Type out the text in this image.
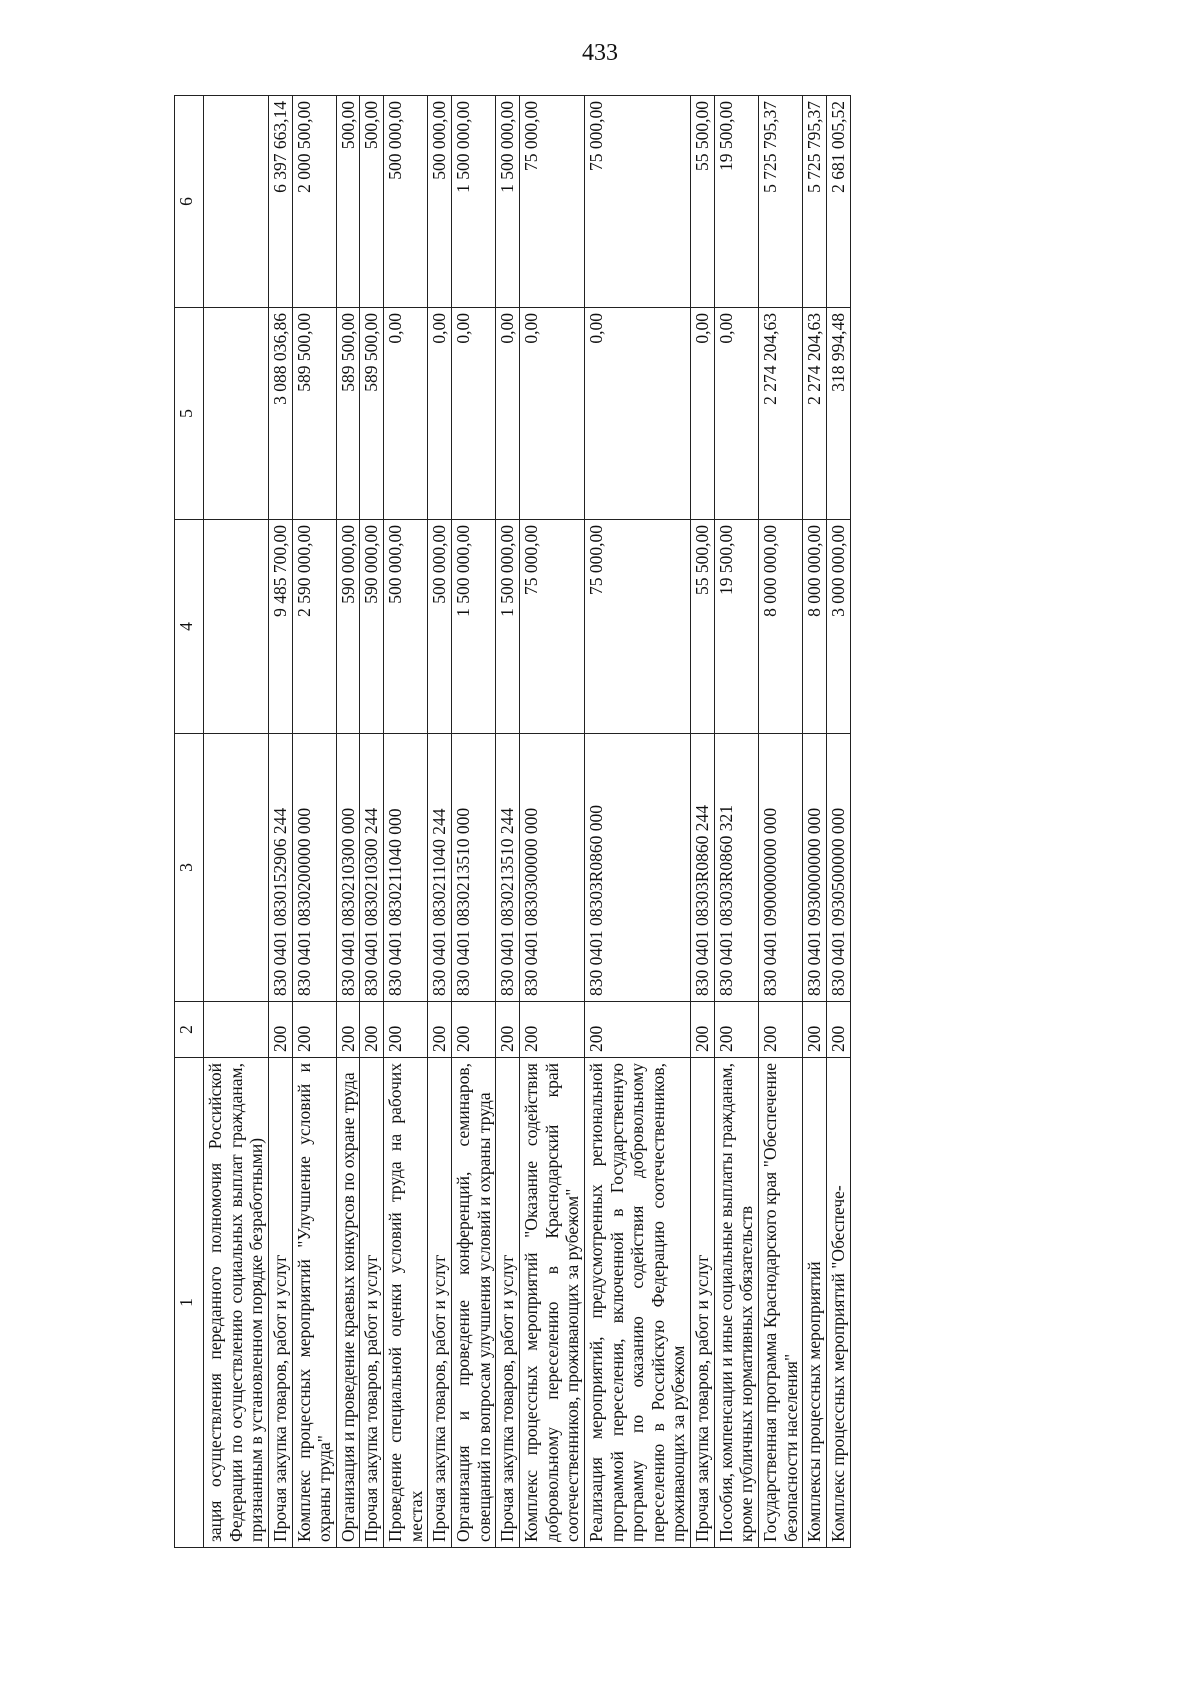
433
1	2	3	4	5	6
зация осуществления переданного полномочия Российской Федерации по осуществлению социальных выплат гражданам, признанным в установленном порядке безработными)					
Прочая закупка товаров, работ и услуг	200	830 0401 0830152906 244	9 485 700,00	3 088 036,86	6 397 663,14
Комплекс процессных мероприятий "Улучшение условий и охраны труда"	200	830 0401 0830200000 000	2 590 000,00	589 500,00	2 000 500,00
Организация и проведение краевых конкурсов по охране труда	200	830 0401 0830210300 000	590 000,00	589 500,00	500,00
Прочая закупка товаров, работ и услуг	200	830 0401 0830210300 244	590 000,00	589 500,00	500,00
Проведение специальной оценки условий труда на рабочих местах	200	830 0401 0830211040 000	500 000,00	0,00	500 000,00
Прочая закупка товаров, работ и услуг	200	830 0401 0830211040 244	500 000,00	0,00	500 000,00
Организация и проведение конференций, семинаров, совещаний по вопросам улучшения условий и охраны труда	200	830 0401 0830213510 000	1 500 000,00	0,00	1 500 000,00
Прочая закупка товаров, работ и услуг	200	830 0401 0830213510 244	1 500 000,00	0,00	1 500 000,00
Комплекс процессных мероприятий "Оказание содействия добровольному переселению в Краснодарский край соотечественников, проживающих за рубежом"	200	830 0401 0830300000 000	75 000,00	0,00	75 000,00
Реализация мероприятий, предусмотренных региональной программой переселения, включенной в Государственную программу по оказанию содействия добровольному переселению в Российскую Федерацию соотечественников, проживающих за рубежом	200	830 0401 08303R0860 000	75 000,00	0,00	75 000,00
Прочая закупка товаров, работ и услуг	200	830 0401 08303R0860 244	55 500,00	0,00	55 500,00
Пособия, компенсации и иные социальные выплаты гражданам, кроме публичных нормативных обязательств	200	830 0401 08303R0860 321	19 500,00	0,00	19 500,00
Государственная программа Краснодарского края "Обеспечение безопасности населения"	200	830 0401 0900000000 000	8 000 000,00	2 274 204,63	5 725 795,37
Комплексы процессных мероприятий	200	830 0401 0930000000 000	8 000 000,00	2 274 204,63	5 725 795,37
Комплекс процессных мероприятий "Обеспече-	200	830 0401 0930500000 000	3 000 000,00	318 994,48	2 681 005,52
